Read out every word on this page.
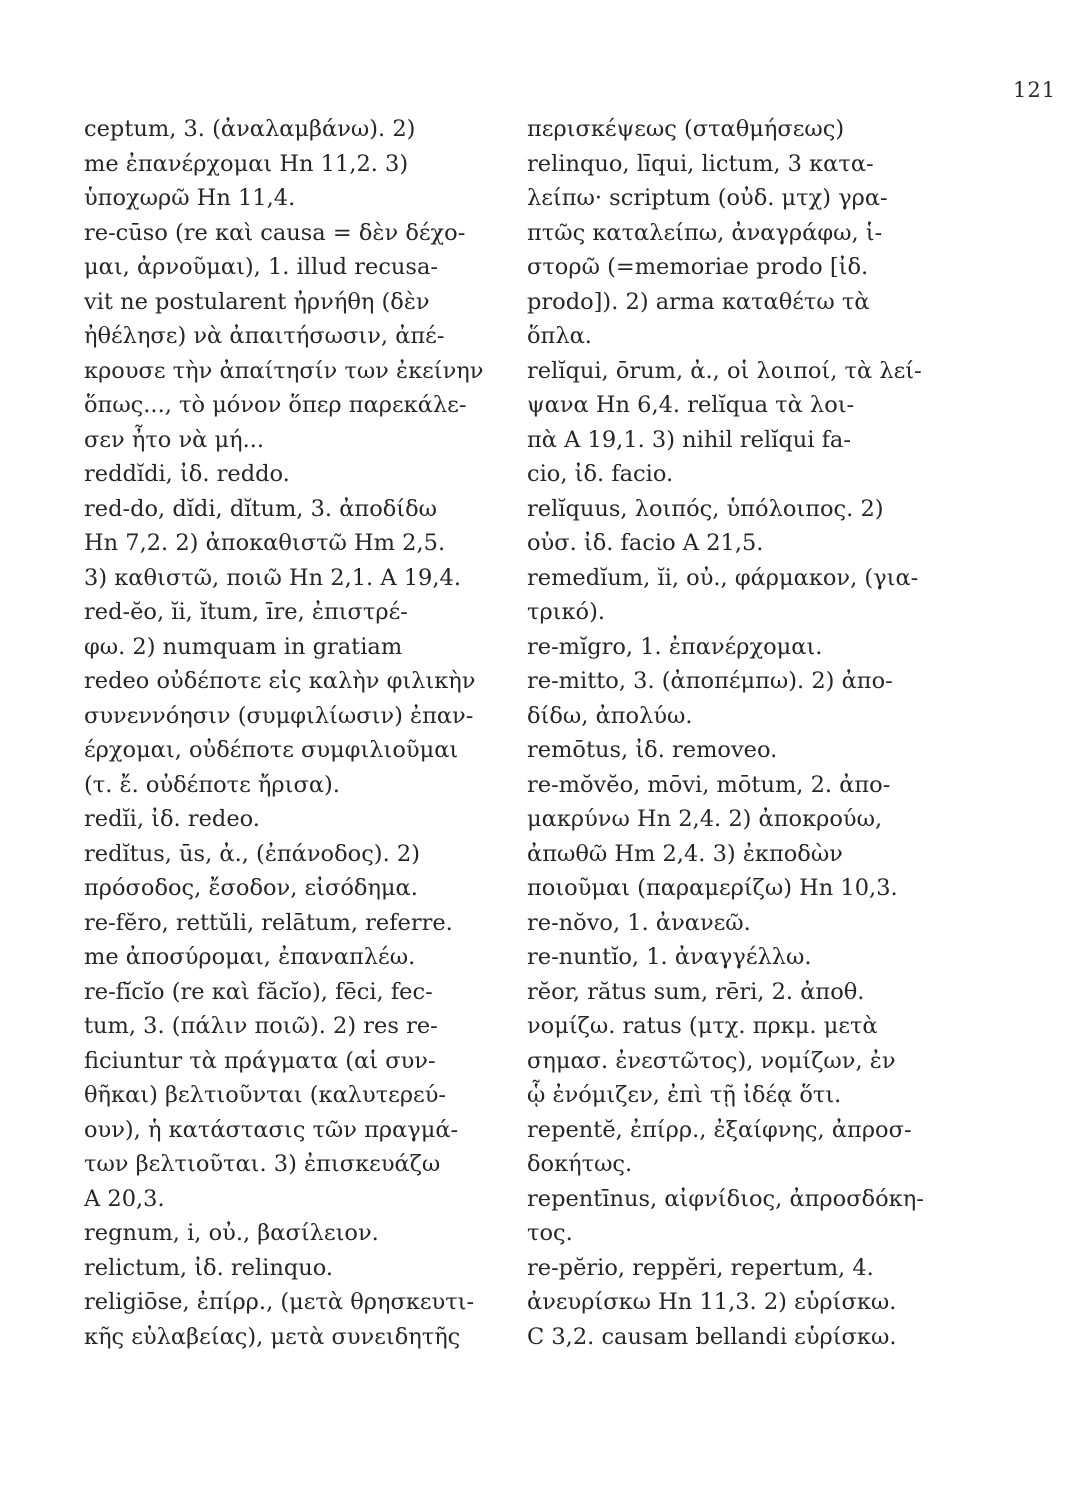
121
ceptum, 3. (ἀναλαμβάνω). 2)
me ἐπανέρχομαι Hn 11,2. 3)
ὑποχωρῶ Hn 11,4.
re-cūso (re καὶ causa = δὲν δέχο-
μαι, ἀρνοῦμαι), 1. illud recusa-
vit ne postularent ἠρνήθη (δὲν
ἠθέλησε) νὰ ἀπαιτήσωσιν, ἀπέ-
κρουσε τὴν ἀπαίτησίν των ἐκείνην
ὅπως..., τὸ μόνον ὅπερ παρεκάλε-
σεν ἦτο νὰ μή...
reddĭdi, ἰδ. reddo.
red-do, dĭdi, dĭtum, 3. ἀποδίδω
Hn 7,2. 2) ἀποκαθιστῶ Hm 2,5.
3) καθιστῶ, ποιῶ Hn 2,1. A 19,4.
red-ĕo, ĭi, ĭtum, īre, ἐπιστρέ-
φω. 2) numquam in gratiam
redeo οὐδέποτε εἰς καλὴν φιλικὴν
συνεννόησιν (συμφιλίωσιν) ἐπαν-
έρχομαι, οὐδέποτε συμφιλιοῦμαι
(τ. ἔ. οὐδέποτε ἤρισα).
redĭi, ἰδ. redeo.
redĭtus, ūs, ἀ., (ἐπάνοδος). 2)
πρόσοδος, ἔσοδον, εἰσόδημα.
re-fĕro, rettŭli, relātum, referre.
me ἀποσύρομαι, ἐπαναπλέω.
re-fĭcĭo (re καὶ făcĭo), fēci, fec-
tum, 3. (πάλιν ποιῶ). 2) res re-
ficiuntur τὰ πράγματα (αἱ συν-
θῆκαι) βελτιοῦνται (καλυτερεύ-
ουν), ἡ κατάστασις τῶν πραγμά-
των βελτιοῦται. 3) ἐπισκευάζω
A 20,3.
regnum, i, οὐ., βασίλειον.
relictum, ἰδ. relinquo.
religiōse, ἐπίρρ., (μετὰ θρησκευτι-
κῆς εὐλαβείας), μετὰ συνειδητῆς
περισκέψεως (σταθμήσεως)
relinquo, līqui, lictum, 3 κατα-
λείπω· scriptum (οὐδ. μτχ) γρα-
πτῶς καταλείπω, ἀναγράφω, ἱ-
στορῶ (=memoriae prodo [ἰδ.
prodo]). 2) arma καταθέτω τὰ
ὅπλα.
relĭqui, ōrum, ἀ., οἱ λοιποί, τὰ λεί-
ψανα Hn 6,4. relĭqua τὰ λοι-
πὰ A 19,1. 3) nihil relĭqui fa-
cio, ἰδ. facio.
relĭquus, λοιπός, ὑπόλοιπος. 2)
οὐσ. ἰδ. facio A 21,5.
remedĭum, ĭi, οὐ., φάρμακον, (για-
τρικό).
re-mĭgro, 1. ἐπανέρχομαι.
re-mitto, 3. (ἀποπέμπω). 2) ἀπο-
δίδω, ἀπολύω.
remōtus, ἰδ. removeo.
re-mŏvĕo, mōvi, mōtum, 2. ἀπο-
μακρύνω Hn 2,4. 2) ἀποκρούω,
ἀπωθῶ Hm 2,4. 3) ἐκποδὼν
ποιοῦμαι (παραμερίζω) Hn 10,3.
re-nŏvo, 1. ἀνανεῶ.
re-nuntĭo, 1. ἀναγγέλλω.
rĕor, rătus sum, rēri, 2. ἀποθ.
νομίζω. ratus (μτχ. πρκμ. μετὰ
σημασ. ἐνεστῶτος), νομίζων, ἐν
ᾧ ἐνόμιζεν, ἐπὶ τῇ ἰδέᾳ ὅτι.
repentĕ, ἐπίρρ., ἐξαίφνης, ἀπροσ-
δοκήτως.
repentīnus, αἰφνίδιος, ἀπροσδόκη-
τος.
re-pĕrio, reppĕri, repertum, 4.
ἀνευρίσκω Hn 11,3. 2) εὑρίσκω.
C 3,2. causam bellandi εὑρίσκω.
